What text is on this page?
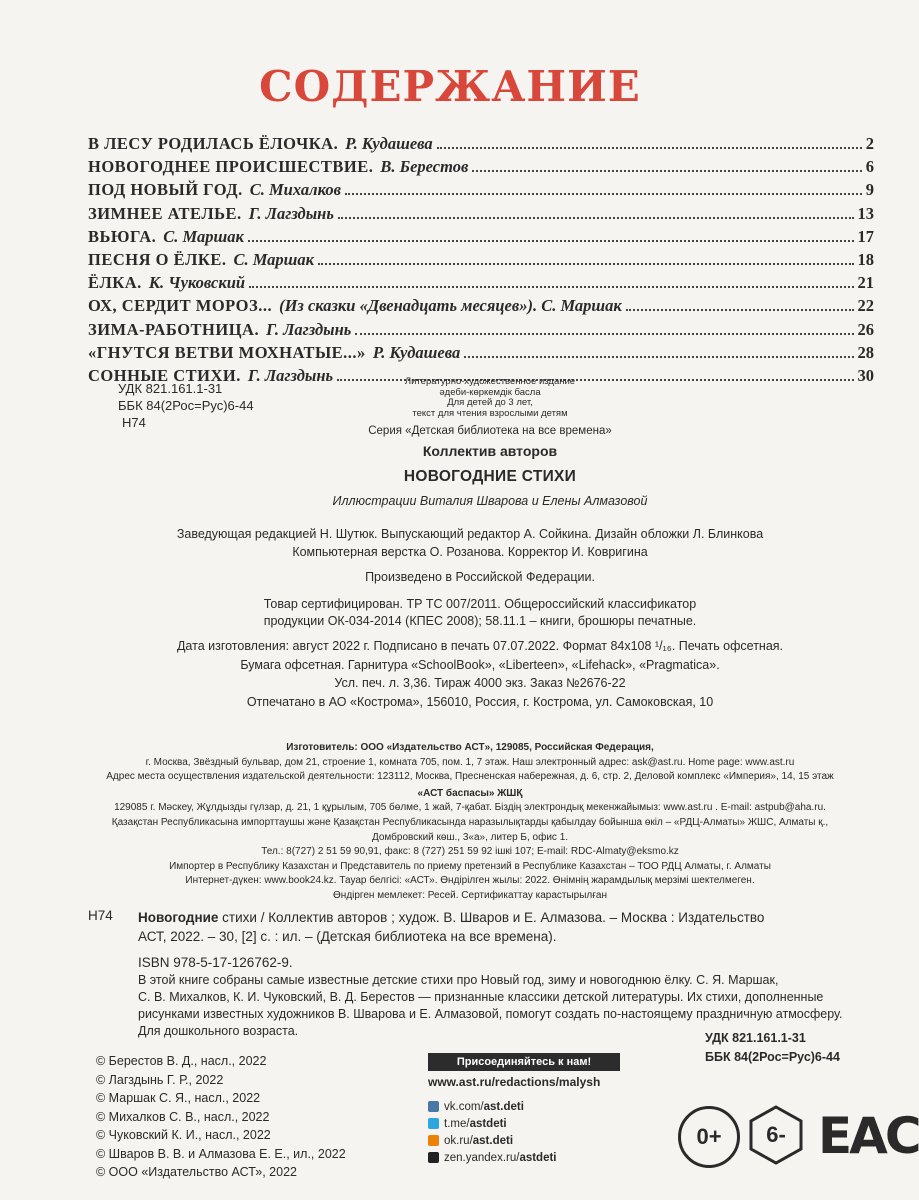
СОДЕРЖАНИЕ
В ЛЕСУ РОДИЛАСЬ ЁЛОЧКА. Р. Кудашева	2
НОВОГОДНЕЕ ПРОИСШЕСТВИЕ. В. Берестов	6
ПОД НОВЫЙ ГОД. С. Михалков	9
ЗИМНЕЕ АТЕЛЬЕ. Г. Лагздынь	13
ВЬЮГА. С. Маршак	17
ПЕСНЯ О ЁЛКЕ. С. Маршак	18
ЁЛКА. К. Чуковский	21
ОХ, СЕРДИТ МОРОЗ... (Из сказки «Двенадцать месяцев»). С. Маршак	22
ЗИМА-РАБОТНИЦА. Г. Лагздынь	26
«ГНУТСЯ ВЕТВИ МОХНАТЫЕ...» Р. Кудашева	28
СОННЫЕ СТИХИ. Г. Лагздынь	30
УДК 821.161.1-31
ББК 84(2Рос=Рус)6-44
Н74
Литературно-художественное издание
әдеби-көркемдік басла
Для детей до 3 лет,
текст для чтения взрослыми детям
Серия «Детская библиотека на все времена»
Коллектив авторов
НОВОГОДНИЕ СТИХИ
Иллюстрации Виталия Шварова и Елены Алмазовой
Заведующая редакцией Н. Шутюк. Выпускающий редактор А. Сойкина. Дизайн обложки Л. Блинкова
Компьютерная верстка О. Розанова. Корректор И. Ковригина
Произведено в Российской Федерации.
Товар сертифицирован. ТР ТС 007/2011. Общероссийский классификатор
продукции ОК-034-2014 (КПЕС 2008); 58.11.1 – книги, брошюры печатные.
Дата изготовления: август 2022 г. Подписано в печать 07.07.2022. Формат 84х108 ¹/₁₆. Печать офсетная.
Бумага офсетная. Гарнитура «SchoolBook», «Liberteen», «Lifehack», «Pragmatica».
Усл. печ. л. 3,36. Тираж 4000 экз. Заказ №2676-22
Отпечатано в АО «Кострома», 156010, Россия, г. Кострома, ул. Самоковская, 10
Изготовитель: ООО «Издательство АСТ», 129085, Российская Федерация,
г. Москва, Звёздный бульвар, дом 21, строение 1, комната 705, пом. 1, 7 этаж. Наш электронный адрес: ask@ast.ru. Home page: www.ast.ru
Адрес места осуществления издательской деятельности: 123112, Москва, Пресненская набережная, д. 6, стр. 2, Деловой комплекс «Империя», 14, 15 этаж
«АСТ баспасы» ЖШҚ
129085 г. Мәскеу, Жұлдызды гүлзар, д. 21, 1 құрылым, 705 бөлме, 1 жай, 7-қабат. Біздің электрондық мекенжайымыз: www.ast.ru . E-mail: astpub@aha.ru.
Қазақстан Республикасына импорттаушы және Қазақстан Республикасында наразылықтарды қабылдау бойынша өкіл – «РДЦ-Алматы» ЖШС, Алматы қ.,
Домбровский көш., 3«а», литер Б, офис 1.
Тел.: 8(727) 2 51 59 90,91, факс: 8 (727) 251 59 92 ішкі 107; E-mail: RDC-Almaty@eksmo.kz
Импортер в Республику Казахстан и Представитель по приему претензий в Республике Казахстан – ТОО РДЦ Алматы, г. Алматы
Интернет-дүкен: www.book24.kz. Тауар белгісі: «АСТ». Өндірілген жылы: 2022. Өнімнің жарамдылық мерзімі шектелмеген.
Өндірген мемлекет: Ресей. Сертификаттау карастырылған
Н74 Новогодние стихи / Коллектив авторов ; худож. В. Шваров и Е. Алмазова. – Москва : Издательство
АСТ, 2022. – 30, [2] с. : ил. – (Детская библиотека на все времена).
ISBN 978-5-17-126762-9.
В этой книге собраны самые известные детские стихи про Новый год, зиму и новогоднюю ёлку. С. Я. Маршак,
С. В. Михалков, К. И. Чуковский, В. Д. Берестов — признанные классики детской литературы. Их стихи, дополненные
рисунками известных художников В. Шварова и Е. Алмазовой, помогут создать по-настоящему праздничную атмосферу.
Для дошкольного возраста.	УДК 821.161.1-31
ББК 84(2Рос=Рус)6-44
© Берестов В. Д., насл., 2022
© Лагздынь Г. Р., 2022
© Маршак С. Я., насл., 2022
© Михалков С. В., насл., 2022
© Чуковский К. И., насл., 2022
© Шваров В. В. и Алмазова Е. Е., ил., 2022
© ООО «Издательство АСТ», 2022
Присоединяйтесь к нам!
www.ast.ru/redactions/malysh
vk.com/ ast.deti
t.me/ astdeti
ok.ru/ ast.deti
zen.yandex.ru/ astdeti
0+	6- EAC
